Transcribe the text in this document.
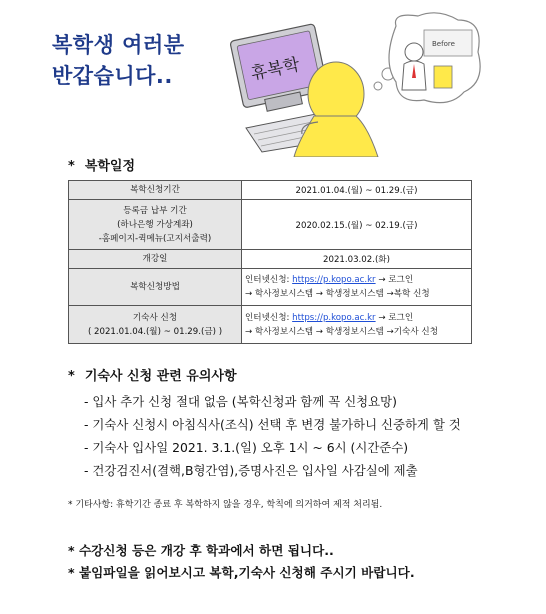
복학생 여러분
반갑습니다..	휴복학
Before
* 복학일정
복학신청기간	2021.01.04.(월) ~ 01.29.(금)

등록금 납부 기간
(하나은행 가상계좌)
-홈페이지-퀵메뉴(고지서출력)	2020.02.15.(월) ~ 02.19.(금)

개강일	2021.03.02.(화)

복학신청방법	인터넷신청: https://p.kopo.ac.kr → 로그인
→ 학사정보시스템 → 학생정보시스템 →복학 신청

기숙사 신청
( 2021.01.04.(월) ~ 01.29.(금) )	인터넷신청: https://p.kopo.ac.kr → 로그인
→ 학사정보시스템 → 학생정보시스템 →기숙사 신청
* 기숙사 신청 관련 유의사항
- 입사 추가 신청 절대 없음 (복학신청과 함께 꼭 신청요망)
- 기숙사 신청시 아침식사(조식) 선택 후 변경 불가하니 신중하게 할 것
- 기숙사 입사일 2021. 3.1.(일) 오후 1시 ~ 6시 (시간준수)
- 건강검진서(결핵,B형간염),증명사진은 입사일 사감실에 제출
* 기타사항: 휴학기간 종료 후 복학하지 않을 경우, 학칙에 의거하여 제적 처리됨.
* 수강신청 등은 개강 후 학과에서 하면 됩니다..
* 붙임파일을 읽어보시고 복학,기숙사 신청해 주시기 바랍니다.
